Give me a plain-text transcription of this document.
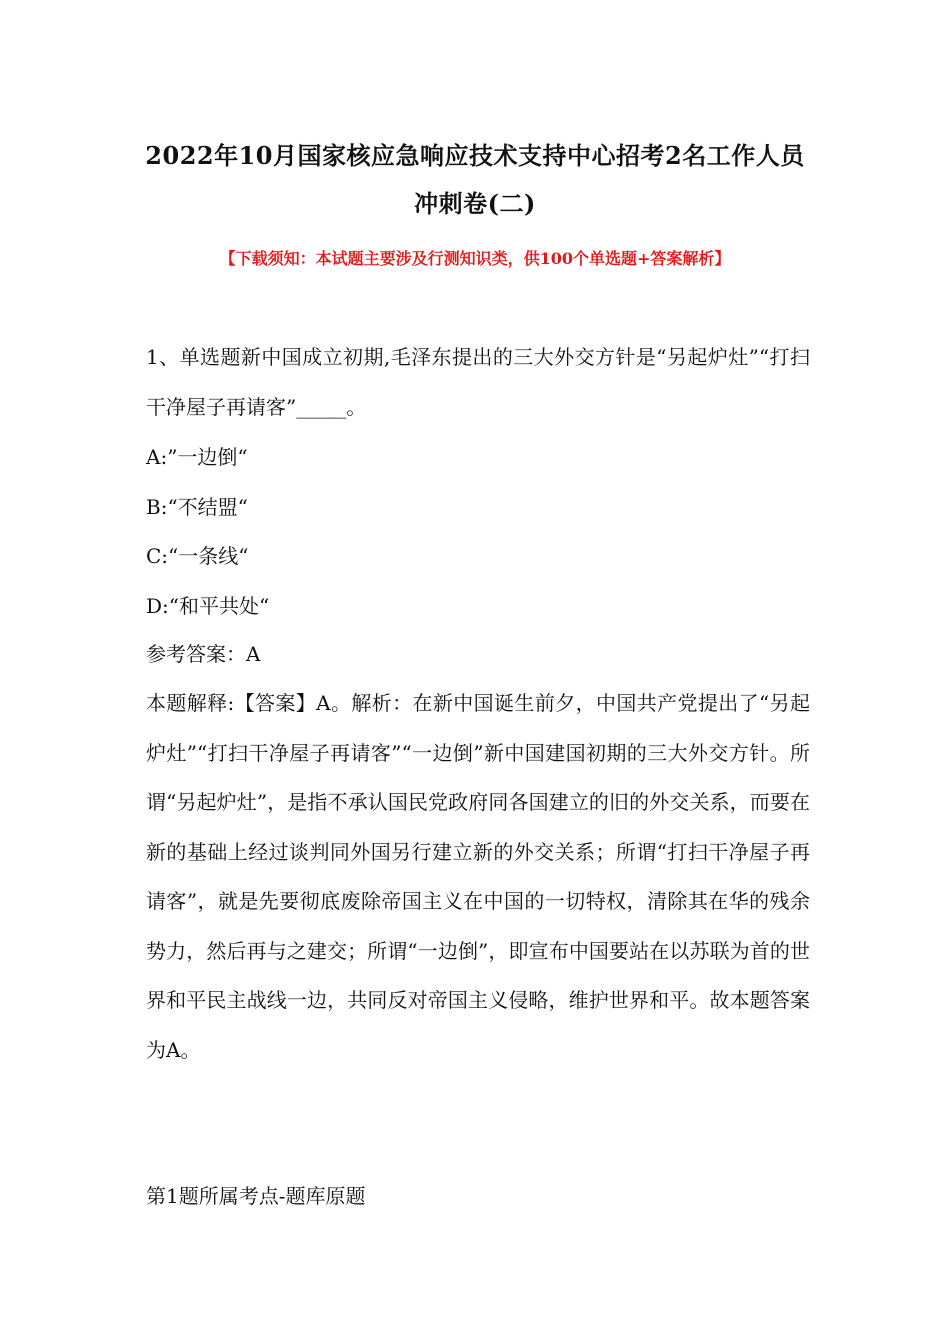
2022年10月国家核应急响应技术支持中心招考2名工作人员
冲刺卷(二)
【下载须知：本试题主要涉及行测知识类，供100个单选题+答案解析】
1、单选题新中国成立初期,毛泽东提出的三大外交方针是“另起炉灶”“打扫干净屋子再请客”_____。
A:”一边倒“
B:“不结盟“
C:“一条线“
D:“和平共处“
参考答案：A
本题解释:【答案】A。解析：在新中国诞生前夕，中国共产党提出了“另起炉灶”“打扫干净屋子再请客”“一边倒”新中国建国初期的三大外交方针。所谓“另起炉灶”，是指不承认国民党政府同各国建立的旧的外交关系，而要在新的基础上经过谈判同外国另行建立新的外交关系；所谓“打扫干净屋子再请客”，就是先要彻底废除帝国主义在中国的一切特权，清除其在华的残余势力，然后再与之建交；所谓“一边倒”，即宣布中国要站在以苏联为首的世界和平民主战线一边，共同反对帝国主义侵略，维护世界和平。故本题答案为A。
第1题所属考点-题库原题
